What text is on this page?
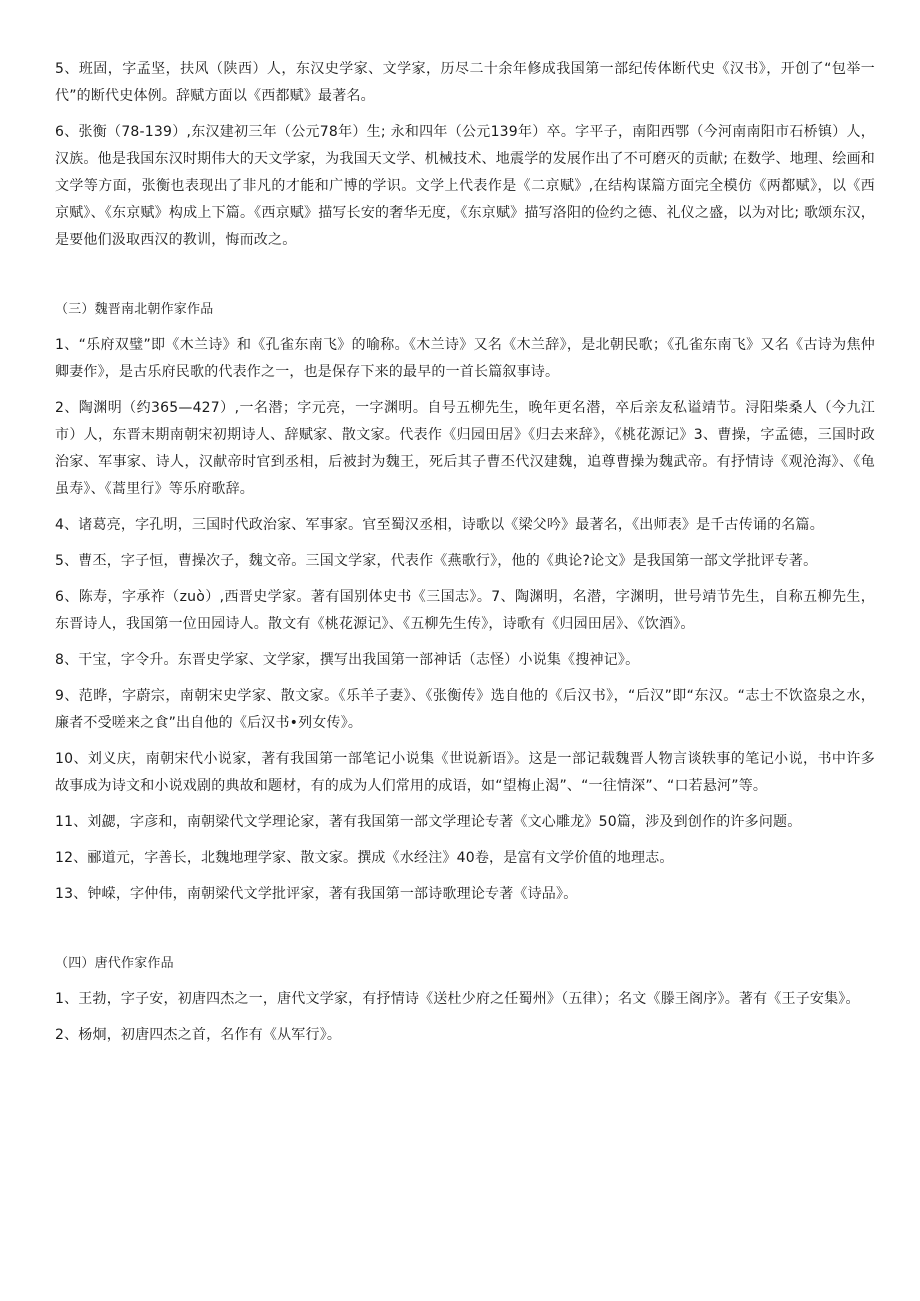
5、班固，字孟坚，扶风（陕西）人，东汉史学家、文学家，历尽二十余年修成我国第一部纪传体断代史《汉书》，开创了“包举一代”的断代史体例。辞赋方面以《西都赋》最著名。

6、张衡（78-139）,东汉建初三年（公元78年）生; 永和四年（公元139年）卒。字平子，南阳西鄂（今河南南阳市石桥镇）人，汉族。他是我国东汉时期伟大的天文学家，为我国天文学、机械技术、地震学的发展作出了不可磨灭的贡献; 在数学、地理、绘画和文学等方面，张衡也表现出了非凡的才能和广博的学识。文学上代表作是《二京赋》,在结构谋篇方面完全模仿《两都赋》，以《西京赋》、《东京赋》构成上下篇。《西京赋》描写长安的奢华无度，《东京赋》描写洛阳的俭约之德、礼仪之盛，以为对比; 歌颂东汉，是要他们汲取西汉的教训，悔而改之。

（三）魏晋南北朝作家作品

1、“乐府双璧”即《木兰诗》和《孔雀东南飞》的喻称。《木兰诗》又名《木兰辞》，是北朝民歌；《孔雀东南飞》又名《古诗为焦仲卿妻作》，是古乐府民歌的代表作之一，也是保存下来的最早的一首长篇叙事诗。

2、陶渊明（约365—427）,一名潜；字元亮，一字渊明。自号五柳先生，晚年更名潜，卒后亲友私谥靖节。浔阳柴桑人（今九江市）人，东晋末期南朝宋初期诗人、辞赋家、散文家。代表作《归园田居》《归去来辞》，《桃花源记》3、曹操，字孟德，三国时政治家、军事家、诗人，汉献帝时官到丞相，后被封为魏王，死后其子曹丕代汉建魏，追尊曹操为魏武帝。有抒情诗《观沧海》、《龟虽寿》、《蒿里行》等乐府歌辞。

4、诸葛亮，字孔明，三国时代政治家、军事家。官至蜀汉丞相，诗歌以《梁父吟》最著名，《出师表》是千古传诵的名篇。

5、曹丕，字子恒，曹操次子，魏文帝。三国文学家，代表作《燕歌行》，他的《典论?论文》是我国第一部文学批评专著。

6、陈寿，字承祚（zuò）,西晋史学家。著有国别体史书《三国志》。7、陶渊明，名潜，字渊明，世号靖节先生，自称五柳先生，东晋诗人，我国第一位田园诗人。散文有《桃花源记》、《五柳先生传》，诗歌有《归园田居》、《饮酒》。

8、干宝，字令升。东晋史学家、文学家，撰写出我国第一部神话（志怪）小说集《搜神记》。

9、范晔，字蔚宗，南朝宋史学家、散文家。《乐羊子妻》、《张衡传》选自他的《后汉书》，“后汉”即“东汉。“志士不饮盗泉之水，廉者不受嗟来之食”出自他的《后汉书•列女传》。

10、刘义庆，南朝宋代小说家，著有我国第一部笔记小说集《世说新语》。这是一部记载魏晋人物言谈轶事的笔记小说，书中许多故事成为诗文和小说戏剧的典故和题材，有的成为人们常用的成语，如“望梅止渴”、“一往情深”、“口若悬河”等。

11、刘勰，字彦和，南朝梁代文学理论家，著有我国第一部文学理论专著《文心雕龙》50篇，涉及到创作的许多问题。

12、郦道元，字善长，北魏地理学家、散文家。撰成《水经注》40卷，是富有文学价值的地理志。

13、钟嵘，字仲伟，南朝梁代文学批评家，著有我国第一部诗歌理论专著《诗品》。

（四）唐代作家作品

1、王勃，字子安，初唐四杰之一，唐代文学家，有抒情诗《送杜少府之任蜀州》（五律）；名文《滕王阁序》。著有《王子安集》。

2、杨炯，初唐四杰之首，名作有《从军行》。
